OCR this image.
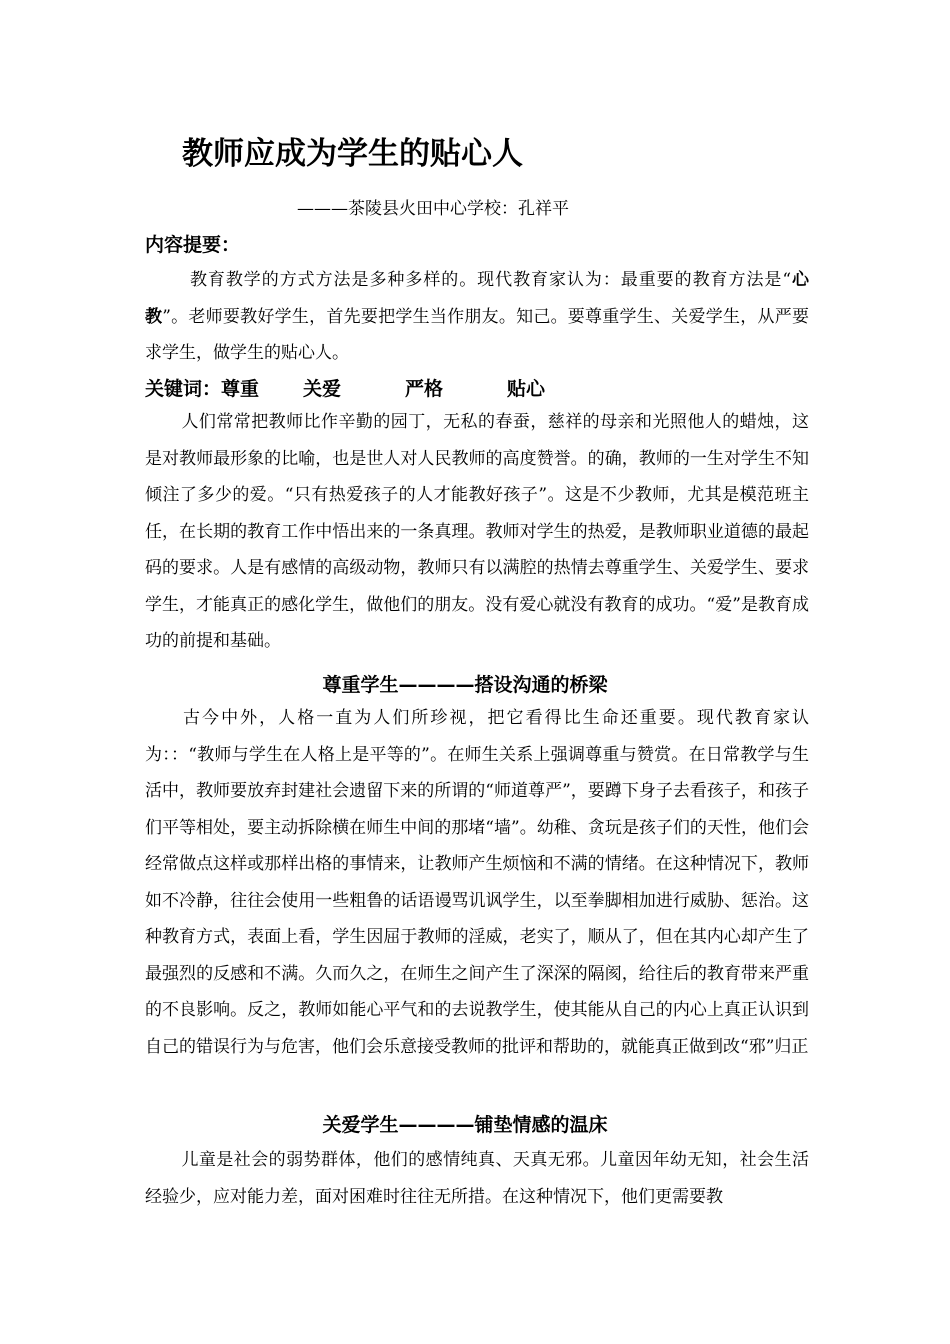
教师应成为学生的贴心人
———茶陵县火田中心学校：孔祥平
内容提要：

教育教学的方式方法是多种多样的。现代教育家认为：最重要的教育方法是“心教”。老师要教好学生，首先要把学生当作朋友。知己。要尊重学生、关爱学生，从严要求学生，做学生的贴心人。

关键词：尊重 关爱	严格	贴心

人们常常把教师比作辛勤的园丁，无私的春蚕，慈祥的母亲和光照他人的蜡烛，这是对教师最形象的比喻，也是世人对人民教师的高度赞誉。的确，教师的一生对学生不知倾注了多少的爱。“只有热爱孩子的人才能教好孩子”。这是不少教师，尤其是模范班主任，在长期的教育工作中悟出来的一条真理。教师对学生的热爱，是教师职业道德的最起码的要求。人是有感情的高级动物，教师只有以满腔的热情去尊重学生、关爱学生、要求学生，才能真正的感化学生，做他们的朋友。没有爱心就没有教育的成功。“爱”是教育成功的前提和基础。

尊重学生————搭设沟通的桥梁

古今中外，人格一直为人们所珍视，把它看得比生命还重要。现代教育家认为：：“教师与学生在人格上是平等的”。在师生关系上强调尊重与赞赏。在日常教学与生活中，教师要放弃封建社会遗留下来的所谓的“师道尊严”，要蹲下身子去看孩子，和孩子们平等相处，要主动拆除横在师生中间的那堵“墙”。幼稚、贪玩是孩子们的天性，他们会经常做点这样或那样出格的事情来，让教师产生烦恼和不满的情绪。在这种情况下，教师如不冷静，往往会使用一些粗鲁的话语谩骂讥讽学生，以至拳脚相加进行威胁、惩治。这种教育方式，表面上看，学生因屈于教师的淫威，老实了，顺从了，但在其内心却产生了最强烈的反感和不满。久而久之，在师生之间产生了深深的隔阂，给往后的教育带来严重的不良影响。反之，教师如能心平气和的去说教学生，使其能从自己的内心上真正认识到自己的错误行为与危害，他们会乐意接受教师的批评和帮助的，就能真正做到改“邪”归正

关爱学生————铺垫情感的温床

儿童是社会的弱势群体，他们的感情纯真、天真无邪。儿童因年幼无知，社会生活经验少，应对能力差，面对困难时往往无所措。在这种情况下，他们更需要教
